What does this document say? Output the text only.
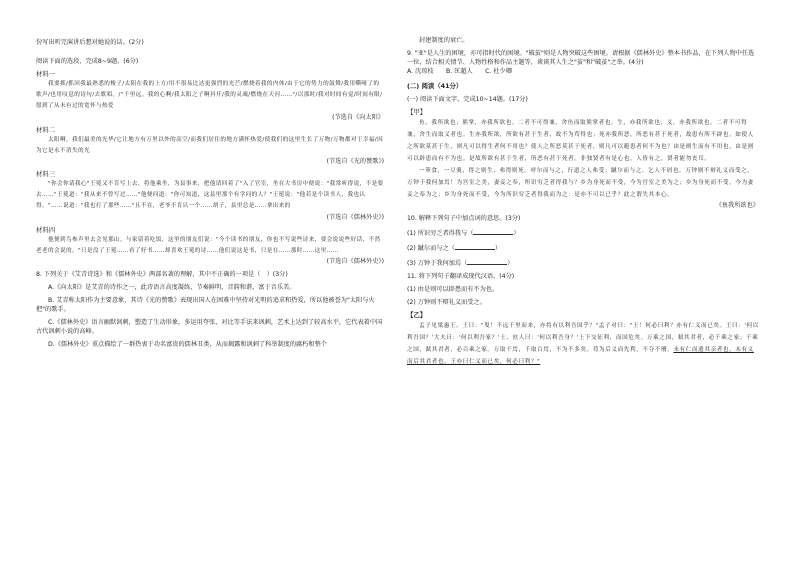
份写出听完演讲后想对她说的话。(2分)

阅读下面的选段，完成8~9题。(6分)

材料一

我要抓/抓回我最熟悉的梭子/太阳在我的上方/用不很易比达更强烈的光芒/燃烧着我的内体/由于它的势力的鼓舞/我用嘶哑了的歌声/也用叹息的诗句/去歌唱。/"千里远。我的心啊/我太阳之子啊抖开/我的灵魂/燃烧在天河……"/以那时/我对时间有觉/时间有限/愿到了从未有过的宽怀与热爱

(节选自《向太阳》

材料二

太阳啊，我们最美的光华/它让地方有万里以外的高空/而我们居住的地方满怀热爱/使我们的这里生长了万物/万物都对于幸福/因为它是永不消失的光

(节选自《光的赞歌》)

材料三

"你会你请我心"王冕又不肯写上去，将他乘坐，为县事来，把他请回着了"入了官室，坐在大书房中便说："我常听得说，不是要去……"王冕道："我从来不曾写过……"他便问道："你可知道，这县里那个有学问的人？"王冕说："他若是个读书人，我也认得。"……说道："我也打了那些……"且不在，老爷不肯认一个……胡子，县里总是……拿出来的

(节选自《儒林外史》)

材料四

他便到鸟参声里去会见那山。与家留着吃饭，这里的朋友们说："今个读书的朋友，你也不写说些诗来，要会说说些好话，不然老老的会说的。"只是没了王冕……看了好书……却喜欢王冕的诗……他们说这是书，只是在……那时……这里……

(节选自《儒林外史》)

8. 下列关于《艾青诗选》和《儒林外史》两部名著的理解，其中不正确的一项是（　）(3分)

A.《向太阳》是艾青的诗作之一，此诗语言高度凝练，节奏鲜明，音韵和谐，富于音乐美。

B. 艾青称太阳作为主要意象，其诗《光的赞歌》表现出国人在困难中坚持对光明的追求和热爱，所以他被誉为"太阳与火把"的歌手。

C.《儒林外史》语言幽默讽刺，塑造了生动形象，多运用夸张、对比等手法来讽刺，艺术上达到了较高水平，它代表着中国古代讽刺小说的高峰。

D.《儒林外史》重点描绘了一群热衷于功名富贵的儒林丑类，从而揭露和讽刺了科举制度的腐朽和整个

封建制度的衰亡。

9. "亚"是人生的困境，亦可指时代的困境。"破茧"则是人物突破这些困境。请根据《儒林外史》整本书作品，在下列人物中任选一位，结合相关情节、人物性格和作品主题等，谈谈其人生之"茧"和"破茧"之举。(4分)

A. 沈琼枝　　B. 匡超人　　C. 杜少卿

(二) 阅读（41分）

(一) 阅读下面文字，完成10~14题。(17分)

【甲】

鱼，我所欲也；熊掌，亦我所欲也。二者不可得兼，舍鱼而取熊掌者也。生，亦我所欲也；义，亦我所欲也。二者不可得兼，舍生而取义者也。生亦我所欲，所欲有甚于生者，故不为苟得也；死亦我所恶，所恶有甚于死者，故患有所不辟也。如使人之所欲莫甚于生，则凡可以得生者何不用也？使人之所恶莫甚于死者，则凡可以避患者何不为也？由是则生而有不用也，由是则可以辟患而有不为也。是故所欲有甚于生者，所恶有甚于死者。非独贤者有是心也，人皆有之，贤者能勿丧耳。

一箪食，一豆羹，得之则生，弗得则死。呼尔而与之，行道之人弗受；蹴尔而与之，乞人不屑也。万钟则不辩礼义而受之，万钟于我何加焉！为宫室之美，妻妾之奉，所识穷乏者得我与？乡为身死而不受，今为宫室之美为之；乡为身死而不受，今为妻妾之奉为之；乡为身死而不受，今为所识穷乏者得我而为之：是亦不可以已乎？此之谓失其本心。

《鱼我所欲也》

10. 解释下列句子中加点词的意思。(3分)

(1) 所识穷乏者得我与（	）

(2) 蹴尔而与之（	）

(3) 万钟于我何加焉（	）

11. 将下列句子翻译成现代汉语。(4分)

(1) 由是则可以辟患而有不为也。

(2) 万钟则不辩礼义而受之。

【乙】

孟子见梁惠王。王曰："叟！不远千里而来，亦将有以利吾国乎？"孟子对曰："王！何必曰利？亦有仁义而已矣。王曰：'何以利吾国？'大夫曰：'何以利吾家？'士、庶人曰：'何以利吾身？'上下交征利，而国危矣。万乘之国，弑其君者，必千乘之家；千乘之国，弑其君者，必百乘之家。万取千焉，千取百焉，不为不多矣。苟为后义而先利，不夺不餍。未有仁而遗其亲者也，未有义而后其君者也。王亦曰仁义而已矣，何必曰利？"
